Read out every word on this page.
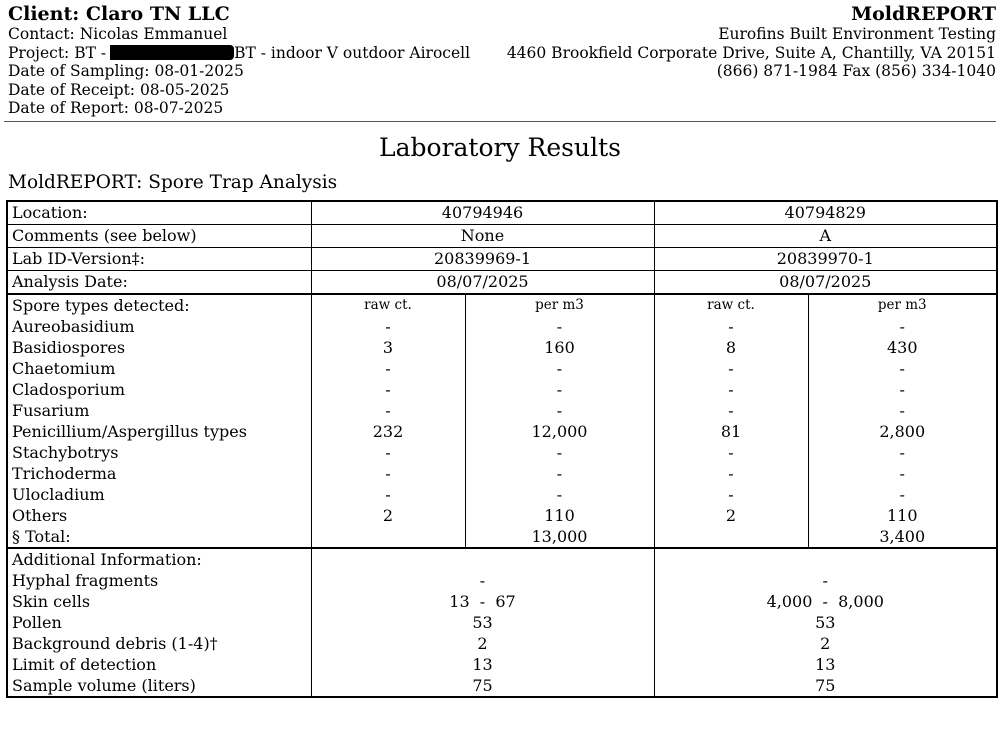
Client: Claro TN LLC
Contact: Nicolas Emmanuel
Project: BT -	BT - indoor V outdoor Airocell
Date of Sampling: 08-01-2025
Date of Receipt: 08-05-2025
Date of Report: 08-07-2025
MoldREPORT
Eurofins Built Environment Testing
4460 Brookfield Corporate Drive, Suite A, Chantilly, VA 20151
(866) 871-1984 Fax (856) 334-1040
Laboratory Results
MoldREPORT: Spore Trap Analysis
Location:	40794946		40794829	
Comments (see below)	None		A	
Lab ID-Version‡:	20839969-1		20839970-1	
Analysis Date:	08/07/2025		08/07/2025	
Spore types detected:	raw ct.	per m3	raw ct.	per m3
Aureobasidium	-	-	-	-
Basidiospores	3	160	8	430
Chaetomium	-	-	-	-
Cladosporium	-	-	-	-
Fusarium	-	-	-	-
Penicillium/Aspergillus types	232	12,000	81	2,800
Stachybotrys	-	-	-	-
Trichoderma	-	-	-	-
Ulocladium	-	-	-	-
Others	2	110	2	110
§ Total:		13,000		3,400
Additional Information:				
Hyphal fragments	-		-	
Skin cells	13  -  67		4,000  -  8,000	
Pollen	53		53	
Background debris (1-4)†	2		2	
Limit of detection	13		13	
Sample volume (liters)	75		75	
